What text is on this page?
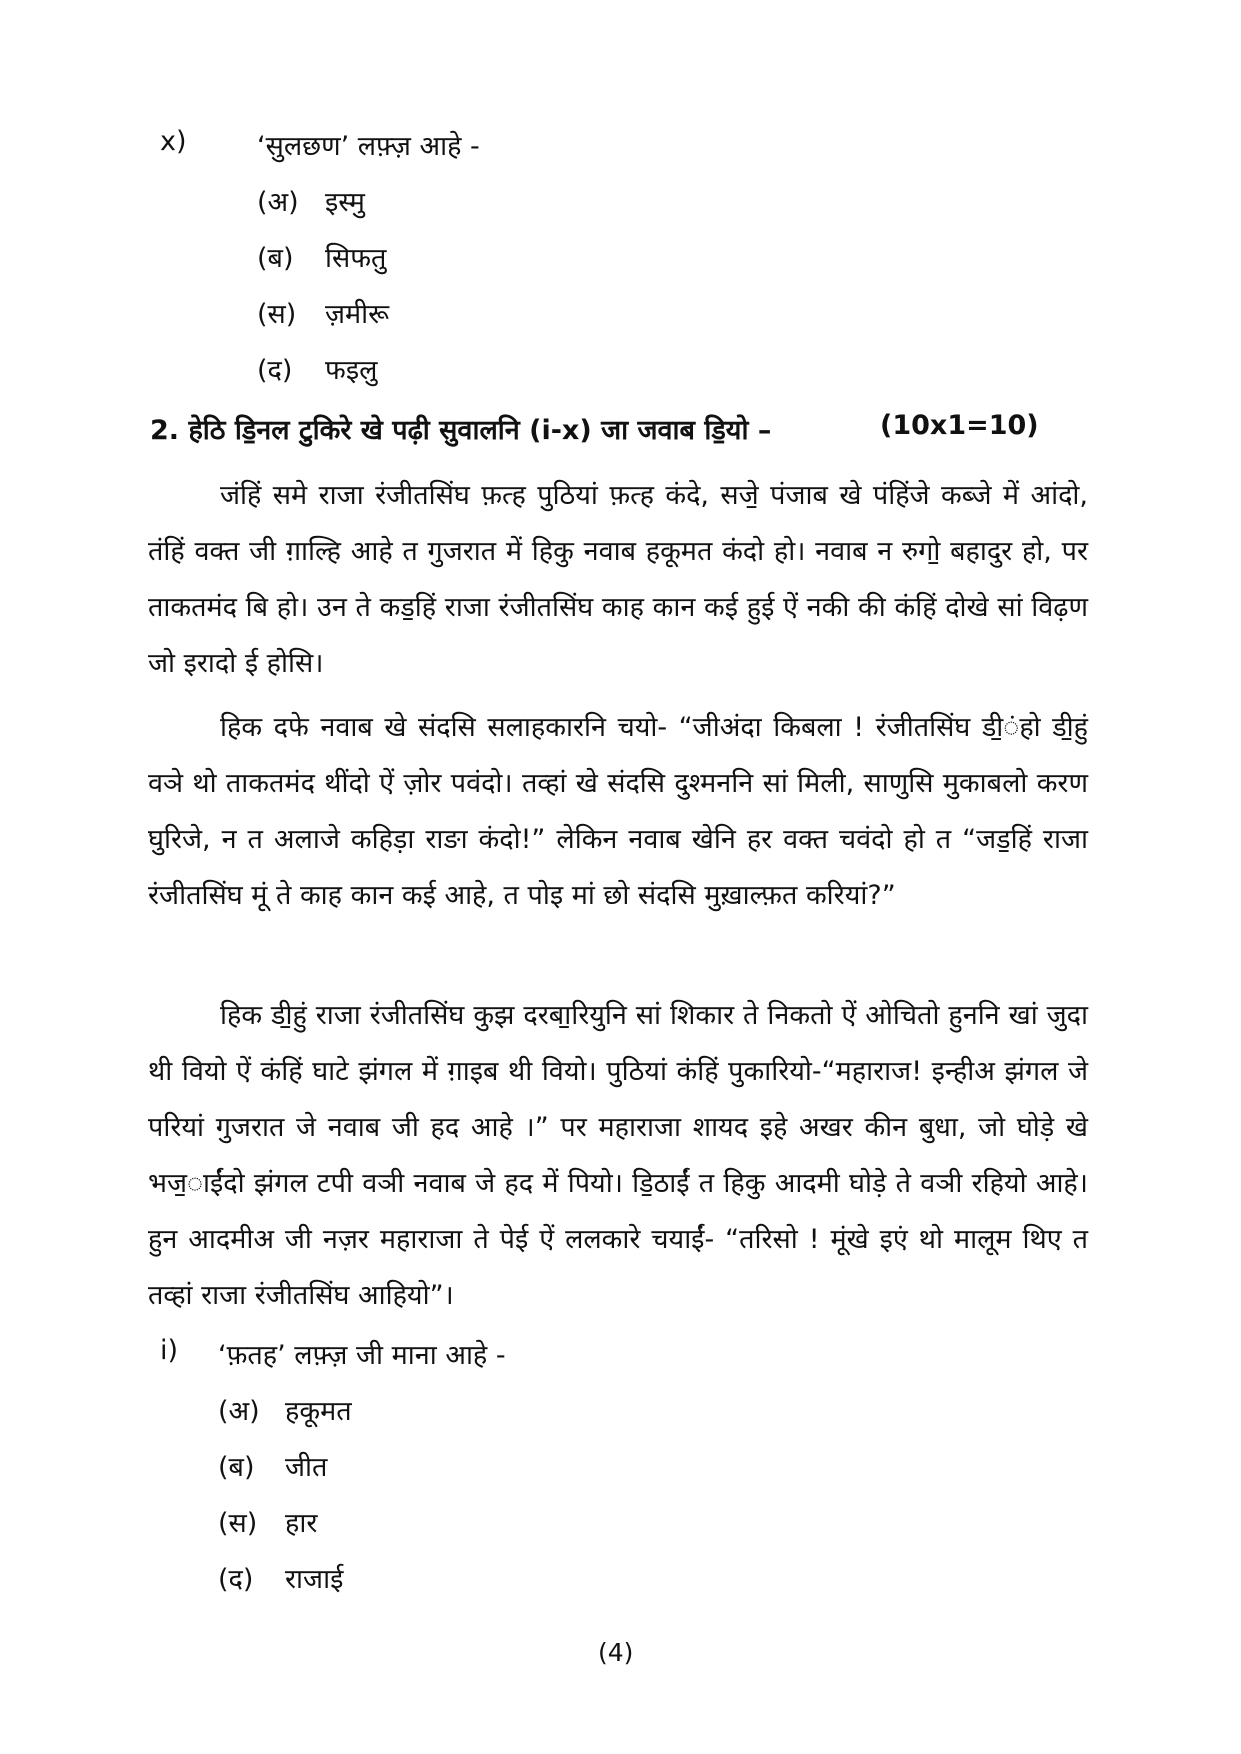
x)	‘सुलछण’ लफ़्ज़ आहे -
(अ) इस्मु
(ब) सिफतु
(स) ज़मीरू
(द) फइलु
2. हेठि डि॒नल टुकिरे खे पढ़ी सुवालनि (i-x) जा जवाब डि॒यो –	(10x1=10)
जंहिं समे राजा रंजीतसिंघ फ़त्ह पुठियां फ़त्ह कंदे, सजे॒ पंजाब खे पंहिंजे कब्जे में आंदो, तंहिं वक्त जी ग़ाल्हि आहे त गुजरात में हिकु नवाब हकूमत कंदो हो। नवाब न रुगो॒ बहादुर हो, पर ताकतमंद बि हो। उन ते कड॒हिं राजा रंजीतसिंघ काह कान कई हुई ऐं नकी की कंहिं दोखे सां विढ़ण जो इरादो ई होसि।
हिक दफे नवाब खे संदसि सलाहकारनि चयो- “जीअंदा किबला ! रंजीतसिंघ डी॒ंहो डी॒हुं वञे थो ताकतमंद थींदो ऐं ज़ोर पवंदो। तव्हां खे संदसि दुश्मननि सां मिली, साणुसि मुकाबलो करण घुरिजे, न त अलाजे कहिड़ा राङा कंदो!” लेकिन नवाब खेनि हर वक्त चवंदो हो त “जड॒हिं राजा रंजीतसिंघ मूं ते काह कान कई आहे, त पोइ मां छो संदसि मुख़ाल्फ़त करियां?”
हिक डी॒हुं राजा रंजीतसिंघ कुझ दरबा॒रियुनि सां शिकार ते निकतो ऐं ओचितो हुननि खां जुदा थी वियो ऐं कंहिं घाटे झंगल में ग़ाइब थी वियो। पुठियां कंहिं पुकारियो-“महाराज! इन्हीअ झंगल जे परियां गुजरात जे नवाब जी हद आहे ।” पर महाराजा शायद इहे अखर कीन बुधा, जो घोड़े खे भज॒ाईंदो झंगल टपी वञी नवाब जे हद में पियो। डि॒ठाईं त हिकु आदमी घोड़े ते वञी रहियो आहे। हुन आदमीअ जी नज़र महाराजा ते पेई ऐं ललकारे चयाईं- “तरिसो ! मूंखे इएं थो मालूम थिए त तव्हां राजा रंजीतसिंघ आहियो”।
i) ‘फ़तह’ लफ़्ज़ जी माना आहे -
(अ) हकूमत
(ब) जीत
(स) हार
(द) राजाई
(4)
